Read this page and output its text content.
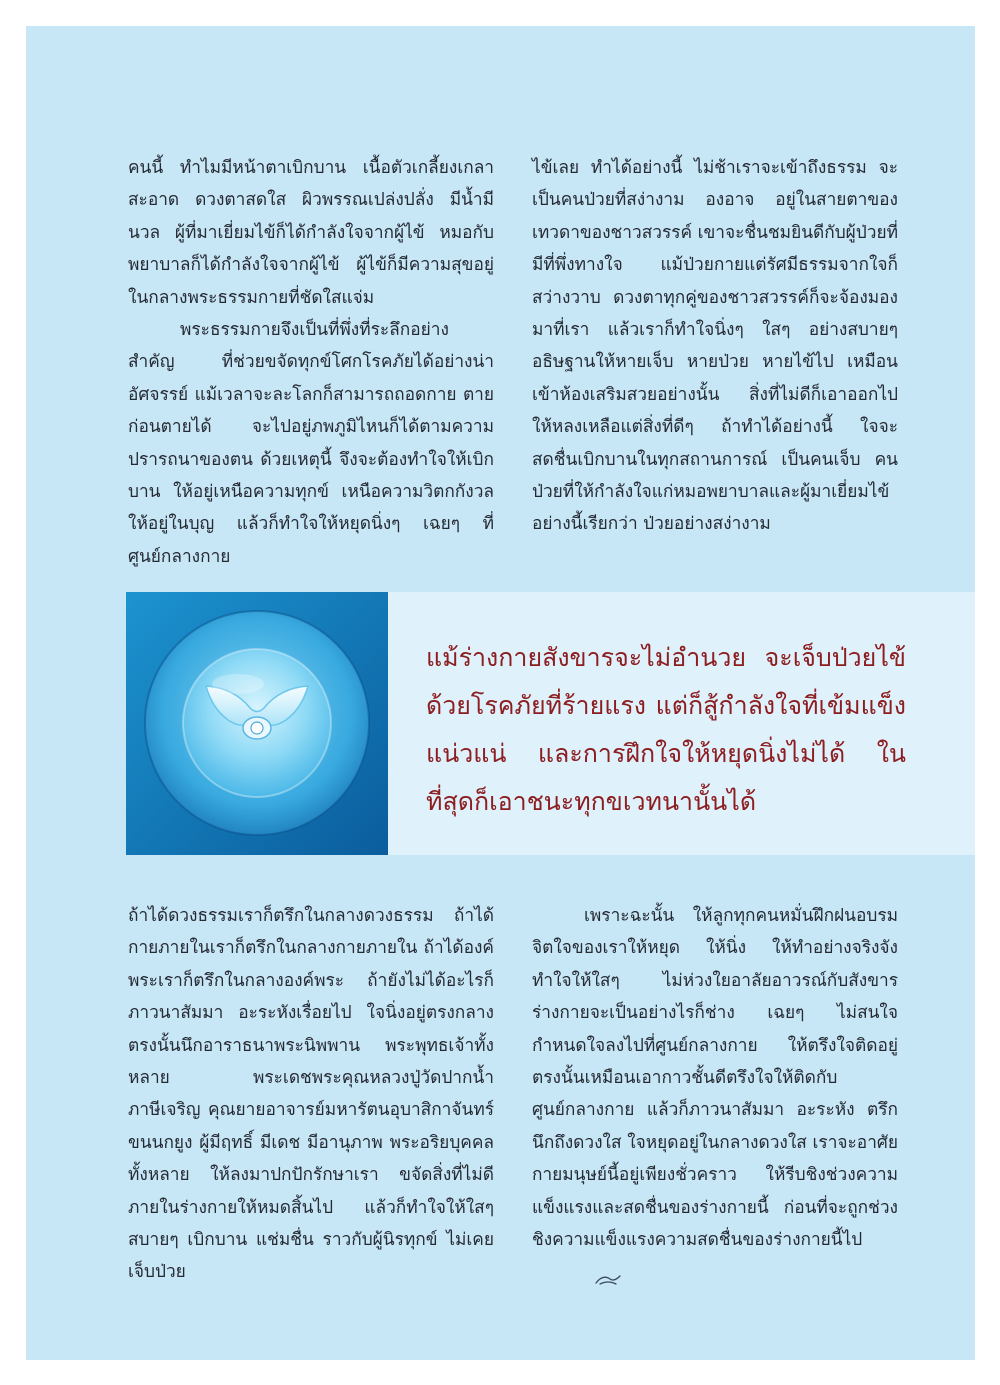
คนนี้ ทำไมมีหน้าตาเบิกบาน เนื้อตัวเกลี้ยงเกลา สะอาด ดวงตาสดใส ผิวพรรณเปล่งปลั่ง มีน้ำมีนวล ผู้ที่มาเยี่ยมไข้ก็ได้กำลังใจจากผู้ไข้ หมอกับพยาบาลก็ได้กำลังใจจากผู้ไข้ ผู้ไข้ก็มีความสุขอยู่ในกลางพระธรรมกายที่ชัดใสแจ่ม

พระธรรมกายจึงเป็นที่พึ่งที่ระลึกอย่างสำคัญ ที่ช่วยขจัดทุกข์โศกโรคภัยได้อย่างน่าอัศจรรย์ แม้เวลาจะละโลกก็สามารถถอดกาย ตายก่อนตายได้ จะไปอยู่ภพภูมิไหนก็ได้ตามความปรารถนาของตน ด้วยเหตุนี้ จึงจะต้องทำใจให้เบิกบาน ให้อยู่เหนือความทุกข์ เหนือความวิตกกังวล ให้อยู่ในบุญ แล้วก็ทำใจให้หยุดนิ่งๆ เฉยๆ ที่ศูนย์กลางกาย

ไข้เลย ทำได้อย่างนี้ ไม่ช้าเราจะเข้าถึงธรรม จะเป็นคนป่วยที่สง่างาม องอาจ อยู่ในสายตาของเทวดาของชาวสวรรค์ เขาจะชื่นชมยินดีกับผู้ป่วยที่มีที่พึ่งทางใจ แม้ป่วยกายแต่รัศมีธรรมจากใจก็สว่างวาบ ดวงตาทุกคู่ของชาวสวรรค์ก็จะจ้องมองมาที่เรา แล้วเราก็ทำใจนิ่งๆ ใสๆ อย่างสบายๆ อธิษฐานให้หายเจ็บ หายป่วย หายไข้ไป เหมือนเข้าห้องเสริมสวยอย่างนั้น สิ่งที่ไม่ดีก็เอาออกไป ให้หลงเหลือแต่สิ่งที่ดีๆ ถ้าทำได้อย่างนี้ ใจจะสดชื่นเบิกบานในทุกสถานการณ์ เป็นคนเจ็บ คนป่วยที่ให้กำลังใจแก่หมอพยาบาลและผู้มาเยี่ยมไข้ อย่างนี้เรียกว่า ป่วยอย่างสง่างาม

แม้ร่างกายสังขารจะไม่อำนวย จะเจ็บป่วยไข้ด้วยโรคภัยที่ร้ายแรง แต่ก็สู้กำลังใจที่เข้มแข็งแน่วแน่ และการฝึกใจให้หยุดนิ่งไม่ได้ ในที่สุดก็เอาชนะทุกขเวทนานั้นได้

ถ้าได้ดวงธรรมเราก็ตรึกในกลางดวงธรรม ถ้าได้กายภายในเราก็ตรึกในกลางกายภายใน ถ้าได้องค์พระเราก็ตรึกในกลางองค์พระ ถ้ายังไม่ได้อะไรก็ภาวนาสัมมา อะระหังเรื่อยไป ใจนิ่งอยู่ตรงกลาง ตรงนั้นนึกอาราธนาพระนิพพาน พระพุทธเจ้าทั้งหลาย พระเดชพระคุณหลวงปู่วัดปากน้ำ ภาษีเจริญ คุณยายอาจารย์มหารัตนอุบาสิกาจันทร์ ขนนกยูง ผู้มีฤทธิ์ มีเดช มีอานุภาพ พระอริยบุคคลทั้งหลาย ให้ลงมาปกปักรักษาเรา ขจัดสิ่งที่ไม่ดีภายในร่างกายให้หมดสิ้นไป แล้วก็ทำใจให้ใสๆ สบายๆ เบิกบาน แช่มชื่น ราวกับผู้นิรทุกข์ ไม่เคยเจ็บป่วย

เพราะฉะนั้น ให้ลูกทุกคนหมั่นฝึกฝนอบรมจิตใจของเราให้หยุด ให้นิ่ง ให้ทำอย่างจริงจัง ทำใจให้ใสๆ ไม่ห่วงใยอาลัยอาวรณ์กับสังขารร่างกายจะเป็นอย่างไรก็ช่าง เฉยๆ ไม่สนใจ กำหนดใจลงไปที่ศูนย์กลางกาย ให้ตรึงใจติดอยู่ตรงนั้นเหมือนเอากาวชั้นดีตรึงใจให้ติดกับศูนย์กลางกาย แล้วก็ภาวนาสัมมา อะระหัง ตรึกนึกถึงดวงใส ใจหยุดอยู่ในกลางดวงใส เราจะอาศัยกายมนุษย์นี้อยู่เพียงชั่วคราว ให้รีบชิงช่วงความแข็งแรงและสดชื่นของร่างกายนี้ ก่อนที่จะถูกช่วงชิงความแข็งแรงความสดชื่นของร่างกายนี้ไป
